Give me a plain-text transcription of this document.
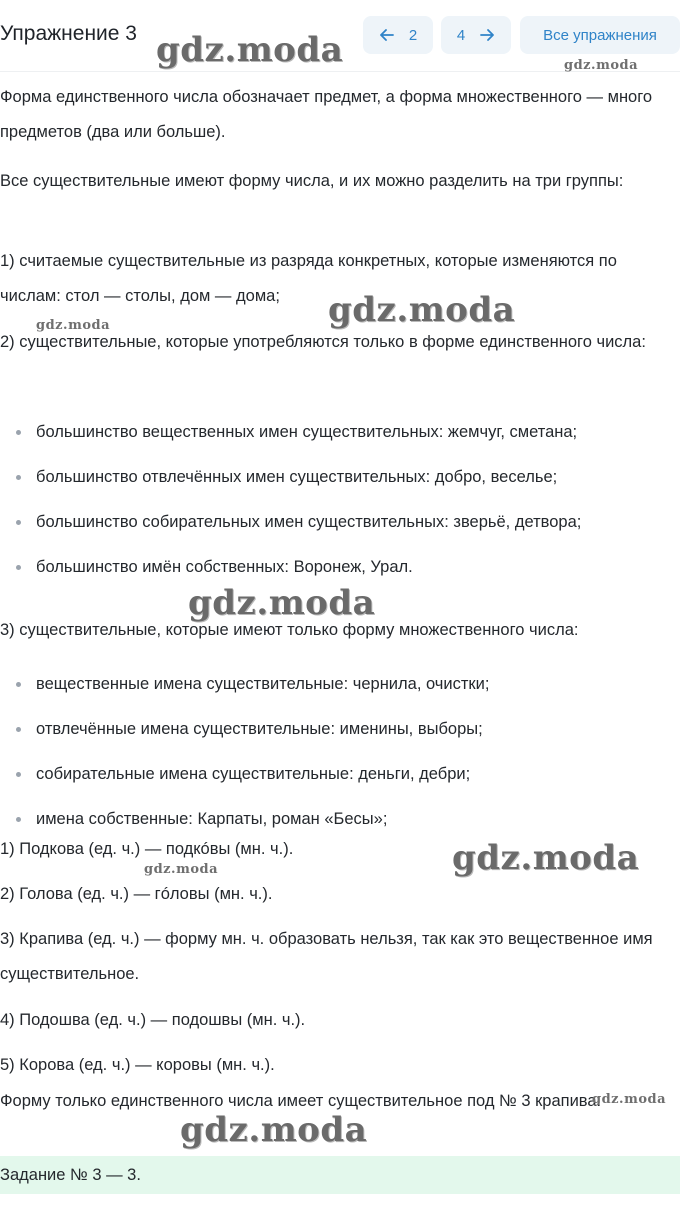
Упражнение 3	2	4	Все упражнения
Форма единственного числа обозначает предмет, а форма множественного — много предметов (два или больше).
Все существительные имеют форму числа, и их можно разделить на три группы:
1) считаемые существительные из разряда конкретных, которые изменяются по числам: стол — столы, дом — дома;
2) существительные, которые употребляются только в форме единственного числа:
большинство вещественных имен существительных: жемчуг, сметана;
большинство отвлечённых имен существительных: добро, веселье;
большинство собирательных имен существительных: зверьё, детвора;
большинство имён собственных: Воронеж, Урал.
3) существительные, которые имеют только форму множественного числа:
вещественные имена существительные: чернила, очистки;
отвлечённые имена существительные: именины, выборы;
собирательные имена существительные: деньги, дебри;
имена собственные: Карпаты, роман «Бесы»;
1) Подкова (ед. ч.) — подкóвы (мн. ч.).
2) Голова (ед. ч.) — гóловы (мн. ч.).
3) Крапива (ед. ч.) — форму мн. ч. образовать нельзя, так как это вещественное имя существительное.
4) Подошва (ед. ч.) — подошвы (мн. ч.).
5) Корова (ед. ч.) — коровы (мн. ч.).
Форму только единственного числа имеет существительное под № 3 крапива.
Задание № 3 — 3.
gdz.moda	gdz.moda
gdz.moda
gdz.moda
gdz.moda
gdz.moda
gdz.moda
gdz.moda
gdz.moda
